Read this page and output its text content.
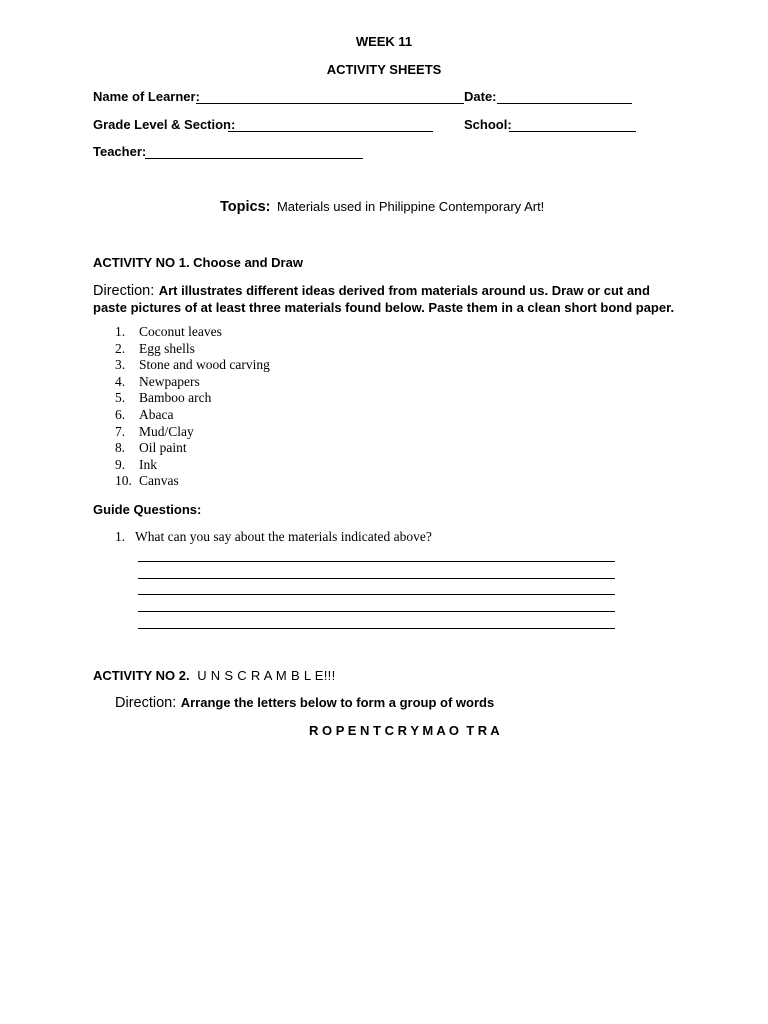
WEEK 11
ACTIVITY SHEETS
Name of Learner:	Date:
Grade Level & Section:	School:
Teacher:
Topics: Materials used in Philippine Contemporary Art!
ACTIVITY NO 1. Choose and Draw
Direction: Art illustrates different ideas derived from materials around us. Draw or cut and
paste pictures of at least three materials found below. Paste them in a clean short bond paper.
1. Coconut leaves
2. Egg shells
3. Stone and wood carving
4. Newpapers
5. Bamboo arch
6. Abaca
7. Mud/Clay
8. Oil paint
9. Ink
10. Canvas
Guide Questions:
1. What can you say about the materials indicated above?
ACTIVITY NO 2. U N S C R A M B L E!!!
Direction: Arrange the letters below to form a group of words
R O P E N T C R Y M A O  T R A
